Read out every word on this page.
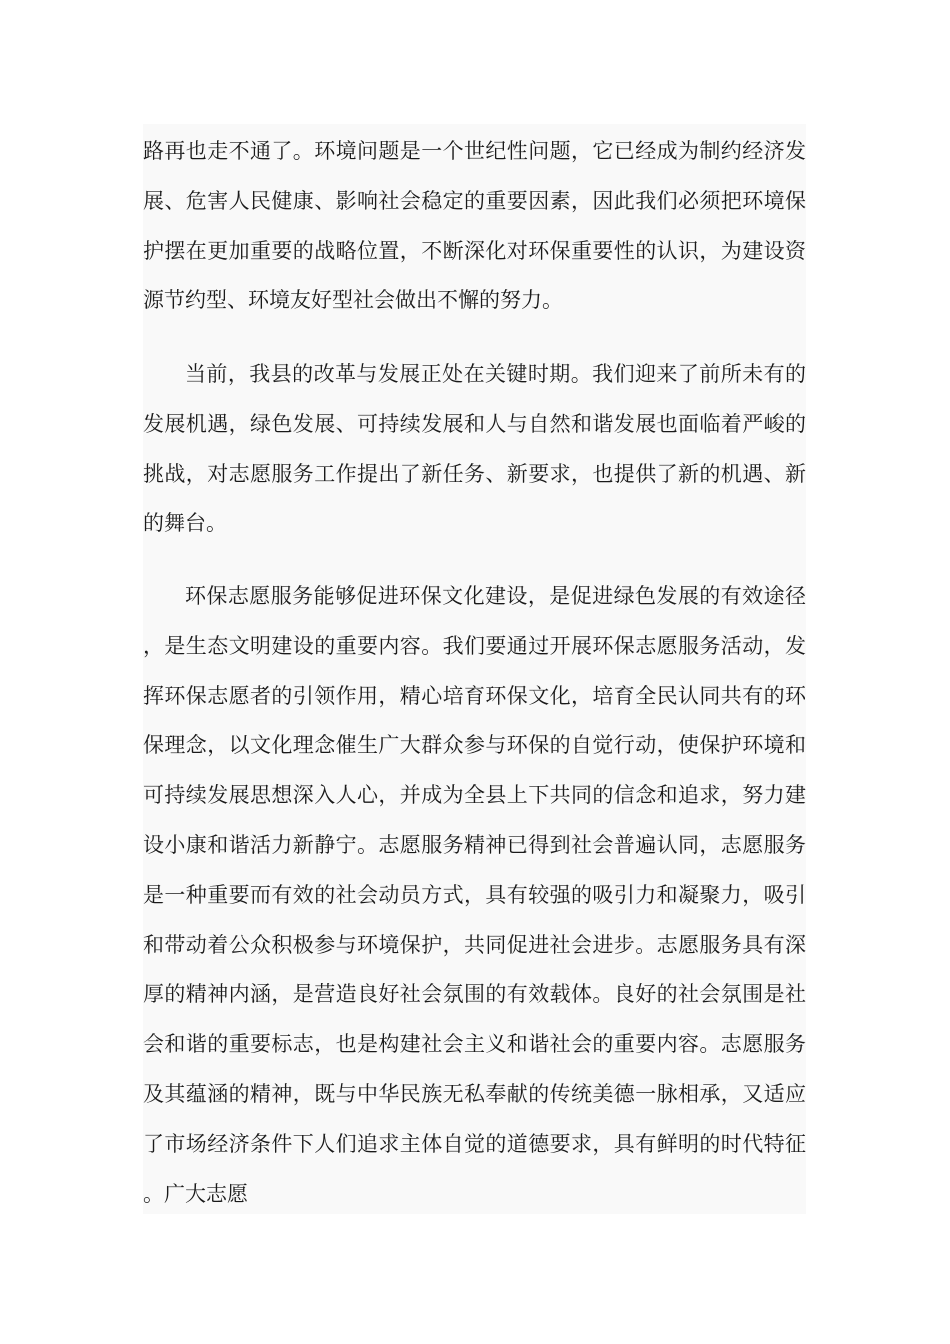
路再也走不通了。环境问题是一个世纪性问题，它已经成为制约经济发展、危害人民健康、影响社会稳定的重要因素，因此我们必须把环境保护摆在更加重要的战略位置，不断深化对环保重要性的认识，为建设资源节约型、环境友好型社会做出不懈的努力。

当前，我县的改革与发展正处在关键时期。我们迎来了前所未有的发展机遇，绿色发展、可持续发展和人与自然和谐发展也面临着严峻的挑战，对志愿服务工作提出了新任务、新要求，也提供了新的机遇、新的舞台。

环保志愿服务能够促进环保文化建设，是促进绿色发展的有效途径，是生态文明建设的重要内容。我们要通过开展环保志愿服务活动，发挥环保志愿者的引领作用，精心培育环保文化，培育全民认同共有的环保理念，以文化理念催生广大群众参与环保的自觉行动，使保护环境和可持续发展思想深入人心，并成为全县上下共同的信念和追求，努力建设小康和谐活力新静宁。志愿服务精神已得到社会普遍认同，志愿服务是一种重要而有效的社会动员方式，具有较强的吸引力和凝聚力，吸引和带动着公众积极参与环境保护，共同促进社会进步。志愿服务具有深厚的精神内涵，是营造良好社会氛围的有效载体。良好的社会氛围是社会和谐的重要标志，也是构建社会主义和谐社会的重要内容。志愿服务及其蕴涵的精神，既与中华民族无私奉献的传统美德一脉相承，又适应了市场经济条件下人们追求主体自觉的道德要求，具有鲜明的时代特征。广大志愿
